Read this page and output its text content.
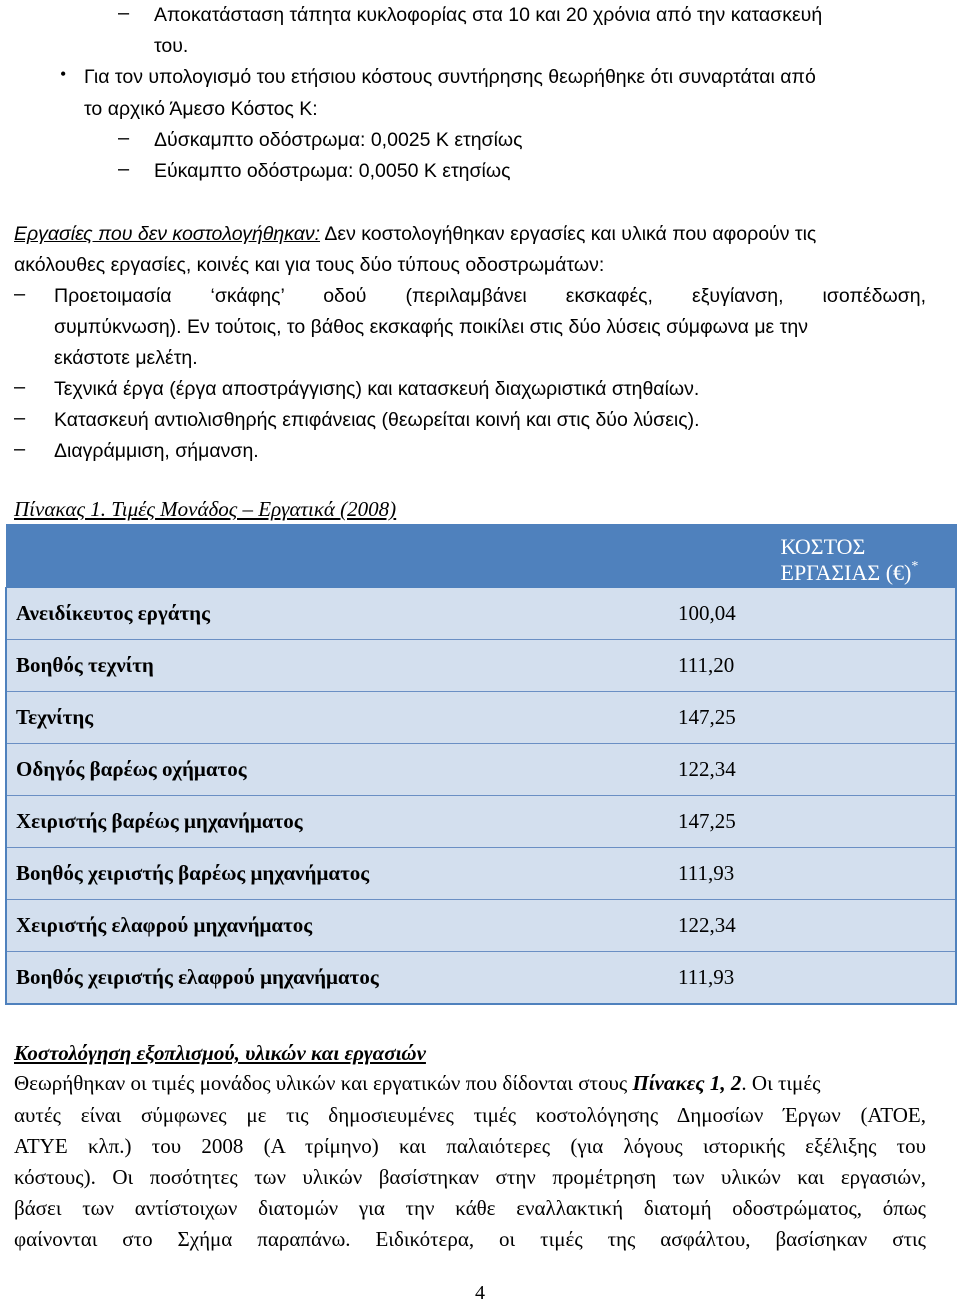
– Αποκατάσταση τάπητα κυκλοφορίας στα 10 και 20 χρόνια από την κατασκευή
του.
• Για τον υπολογισμό του ετήσιου κόστους συντήρησης θεωρήθηκε ότι συναρτάται από
το αρχικό Άμεσο Κόστος Κ:
– Δύσκαμπτο οδόστρωμα: 0,0025 Κ ετησίως
– Εύκαμπτο οδόστρωμα: 0,0050 Κ ετησίως
Εργασίες που δεν κοστολογήθηκαν: Δεν κοστολογήθηκαν εργασίες και υλικά που αφορούν τις
ακόλουθες εργασίες, κοινές και για τους δύο τύπους οδοστρωμάτων:
– Προετοιμασία ‘σκάφης’ οδού (περιλαμβάνει εκσκαφές, εξυγίανση, ισοπέδωση,
συμπύκνωση). Εν τούτοις, το βάθος εκσκαφής ποικίλει στις δύο λύσεις σύμφωνα με την
εκάστοτε μελέτη.
– Τεχνικά έργα (έργα αποστράγγισης) και κατασκευή διαχωριστικά στηθαίων.
– Κατασκευή αντιολισθηρής επιφάνειας (θεωρείται κοινή και στις δύο λύσεις).
– Διαγράμμιση, σήμανση.
Πίνακας 1. Τιμές Μονάδος – Εργατικά (2008)
	ΚΟΣΤΟΣ ΕΡΓΑΣΙΑΣ (€)*
Ανειδίκευτος εργάτης	100,04
Βοηθός τεχνίτη	111,20
Τεχνίτης	147,25
Οδηγός βαρέως οχήματος	122,34
Χειριστής βαρέως μηχανήματος	147,25
Βοηθός χειριστής βαρέως μηχανήματος	111,93
Χειριστής ελαφρού μηχανήματος	122,34
Βοηθός χειριστής ελαφρού μηχανήματος	111,93
Κοστολόγηση εξοπλισμού, υλικών και εργασιών
Θεωρήθηκαν οι τιμές μονάδος υλικών και εργατικών που δίδονται στους Πίνακες 1, 2. Οι τιμές
αυτές είναι σύμφωνες με τις δημοσιευμένες τιμές κοστολόγησης Δημοσίων Έργων (ΑΤΟΕ,
ΑΤΥΕ κλπ.) του 2008 (Α τρίμηνο) και παλαιότερες (για λόγους ιστορικής εξέλιξης του
κόστους). Οι ποσότητες των υλικών βασίστηκαν στην προμέτρηση των υλικών και εργασιών,
βάσει των αντίστοιχων διατομών για την κάθε εναλλακτική διατομή οδοστρώματος, όπως
φαίνονται στο Σχήμα παραπάνω. Ειδικότερα, οι τιμές της ασφάλτου, βασίσηκαν στις
4
